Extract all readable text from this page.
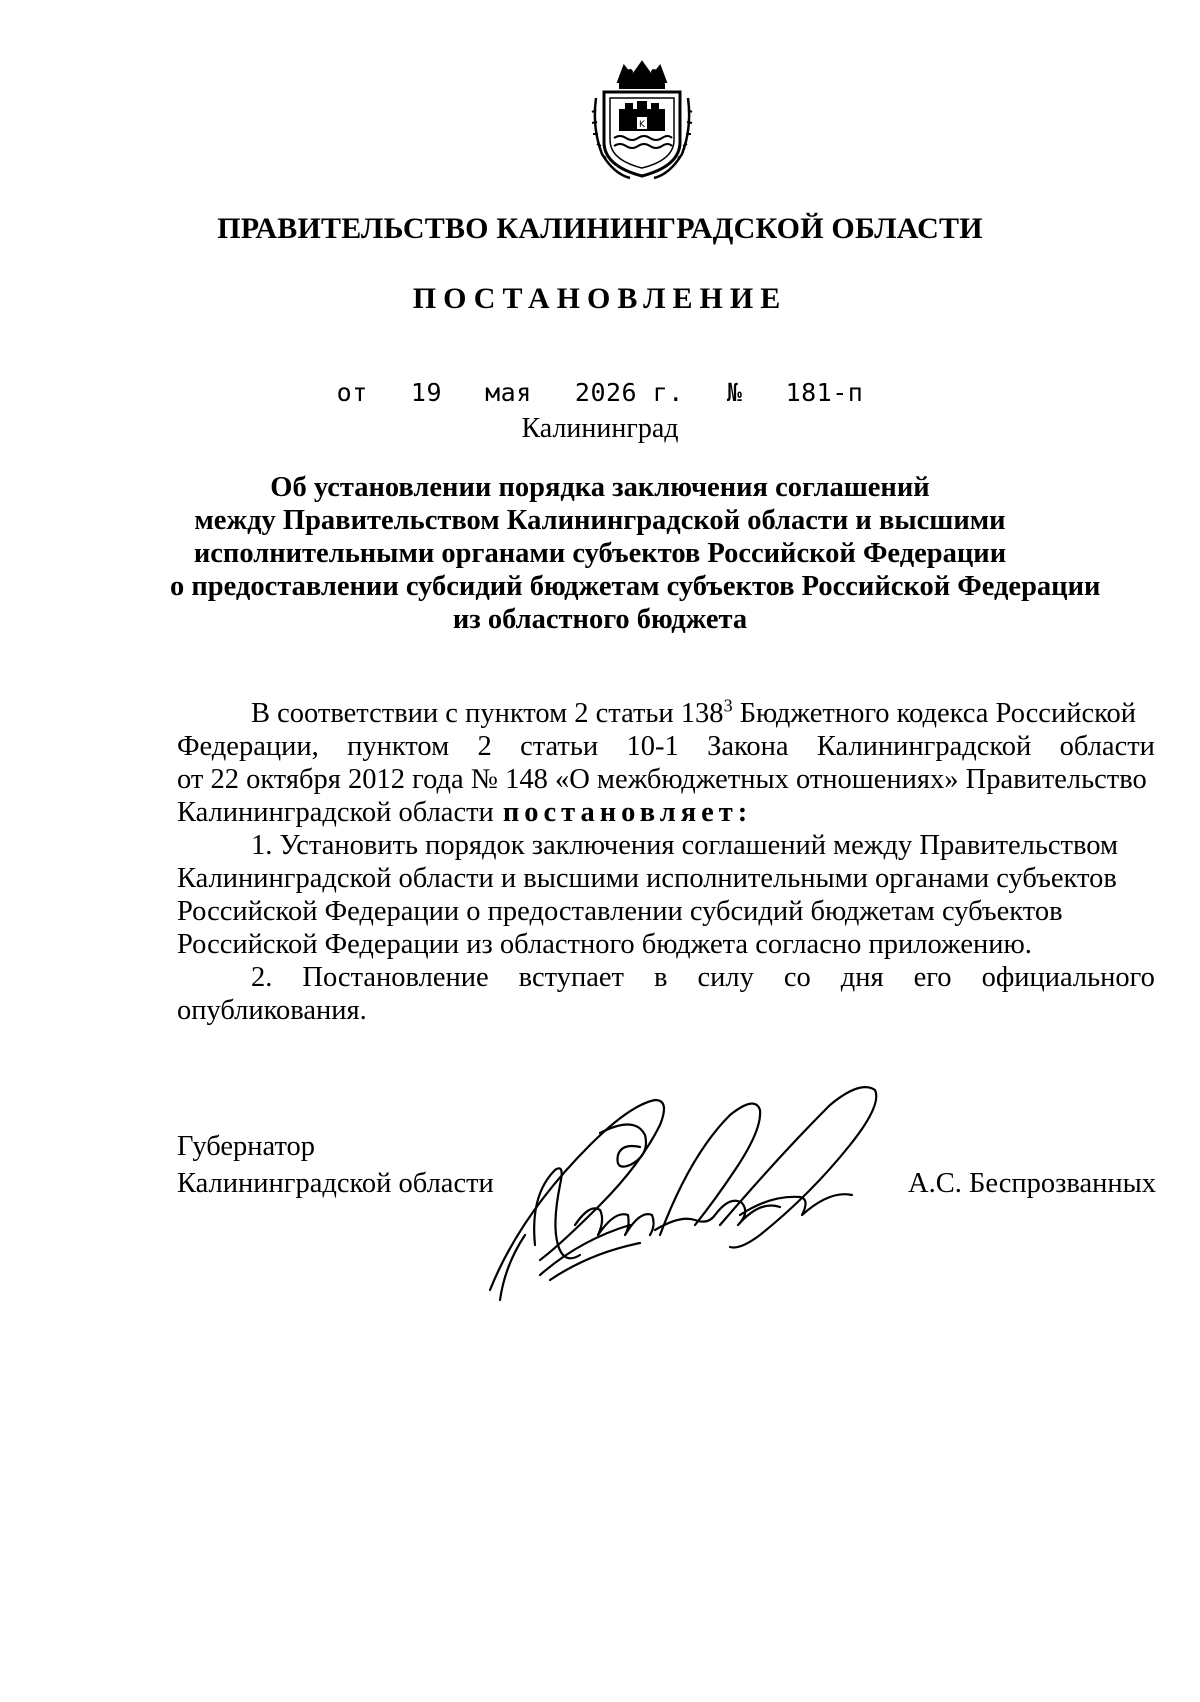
K
ПРАВИТЕЛЬСТВО КАЛИНИНГРАДСКОЙ ОБЛАСТИ
ПОСТАНОВЛЕНИЕ
от 19 мая 2026 г. № 181-п
Калининград
Об установлении порядка заключения соглашений
между Правительством Калининградской области и высшими
исполнительными органами субъектов Российской Федерации
о предоставлении субсидий бюджетам субъектов Российской Федерации
из областного бюджета
В соответствии с пунктом 2 статьи $138^3$ Бюджетного кодекса Российской
Федерации, пунктом 2 статьи 10-1 Закона Калининградской области
от 22 октября 2012 года № 148 «О межбюджетных отношениях» Правительство
Калининградской области постановляет:
1. Установить порядок заключения соглашений между Правительством
Калининградской области и высшими исполнительными органами субъектов
Российской Федерации о предоставлении субсидий бюджетам субъектов
Российской Федерации из областного бюджета согласно приложению.
2. Постановление вступает в силу со дня его официального
опубликования.
Губернатор
Калининградской области	А.С. Беспрозванных
